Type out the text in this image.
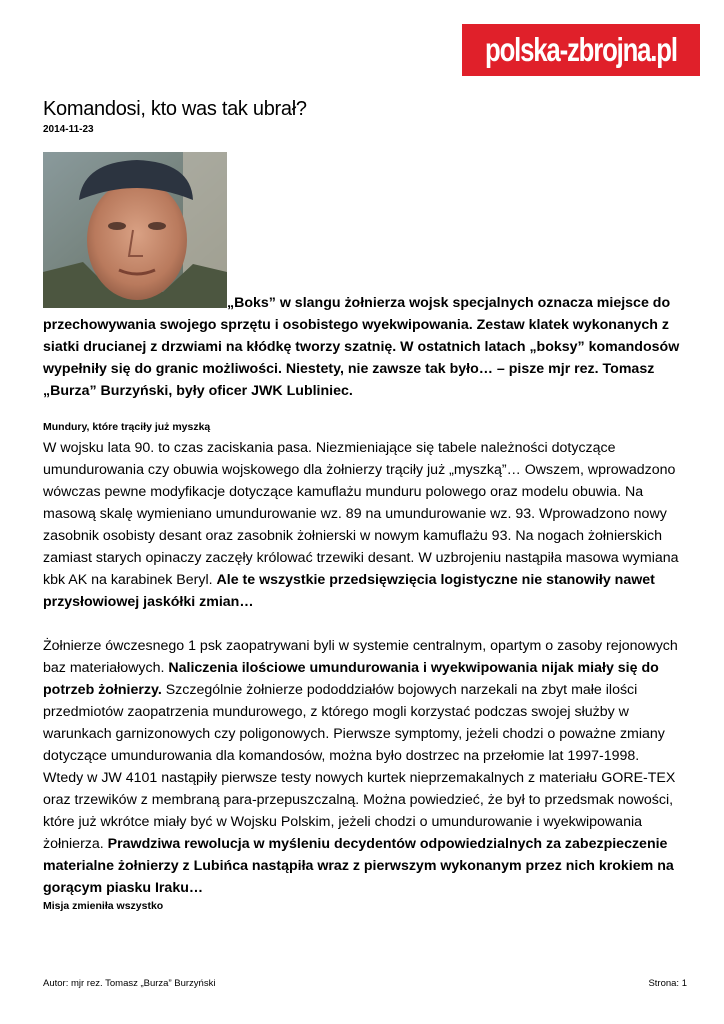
polska-zbrojna.pl
Komandosi, kto was tak ubrał?
2014-11-23

„Boks” w slangu żołnierza wojsk specjalnych oznacza miejsce do

przechowywania swojego sprzętu i osobistego wyekwipowania. Zestaw klatek wykonanych z siatki drucianej z drzwiami na kłódkę tworzy szatnię. W ostatnich latach „boksy” komandosów wypełniły się do granic możliwości. Niestety, nie zawsze tak było… – pisze mjr rez. Tomasz „Burza” Burzyński, były oficer JWK Lubliniec.

Mundury, które trąciły już myszką

W wojsku lata 90. to czas zaciskania pasa. Niezmieniające się tabele należności dotyczące umundurowania czy obuwia wojskowego dla żołnierzy trąciły już „myszką”… Owszem, wprowadzono wówczas pewne modyfikacje dotyczące kamuflażu munduru polowego oraz modelu obuwia. Na masową skalę wymieniano umundurowanie wz. 89 na umundurowanie wz. 93. Wprowadzono nowy zasobnik osobisty desant oraz zasobnik żołnierski w nowym kamuflażu 93. Na nogach żołnierskich zamiast starych opinaczy zaczęły królować trzewiki desant. W uzbrojeniu nastąpiła masowa wymiana kbk AK na karabinek Beryl. Ale te wszystkie przedsięwzięcia logistyczne nie stanowiły nawet przysłowiowej jaskółki zmian…

Żołnierze ówczesnego 1 psk zaopatrywani byli w systemie centralnym, opartym o zasoby rejonowych baz materiałowych. Naliczenia ilościowe umundurowania i wyekwipowania nijak miały się do potrzeb żołnierzy. Szczególnie żołnierze pododdziałów bojowych narzekali na zbyt małe ilości przedmiotów zaopatrzenia mundurowego, z którego mogli korzystać podczas swojej służby w warunkach garnizonowych czy poligonowych. Pierwsze symptomy, jeżeli chodzi o poważne zmiany dotyczące umundurowania dla komandosów, można było dostrzec na przełomie lat 1997-1998. Wtedy w JW 4101 nastąpiły pierwsze testy nowych kurtek nieprzemakalnych z materiału GORE-TEX oraz trzewików z membraną para-przepuszczalną. Można powiedzieć, że był to przedsmak nowości, które już wkrótce miały być w Wojsku Polskim, jeżeli chodzi o umundurowanie i wyekwipowania żołnierza. Prawdziwa rewolucja w myśleniu decydentów odpowiedzialnych za zabezpieczenie materialne żołnierzy z Lubińca nastąpiła wraz z pierwszym wykonanym przez nich krokiem na gorącym piasku Iraku…

Misja zmieniła wszystko
Autor: mjr rez. Tomasz „Burza” Burzyński	Strona: 1
